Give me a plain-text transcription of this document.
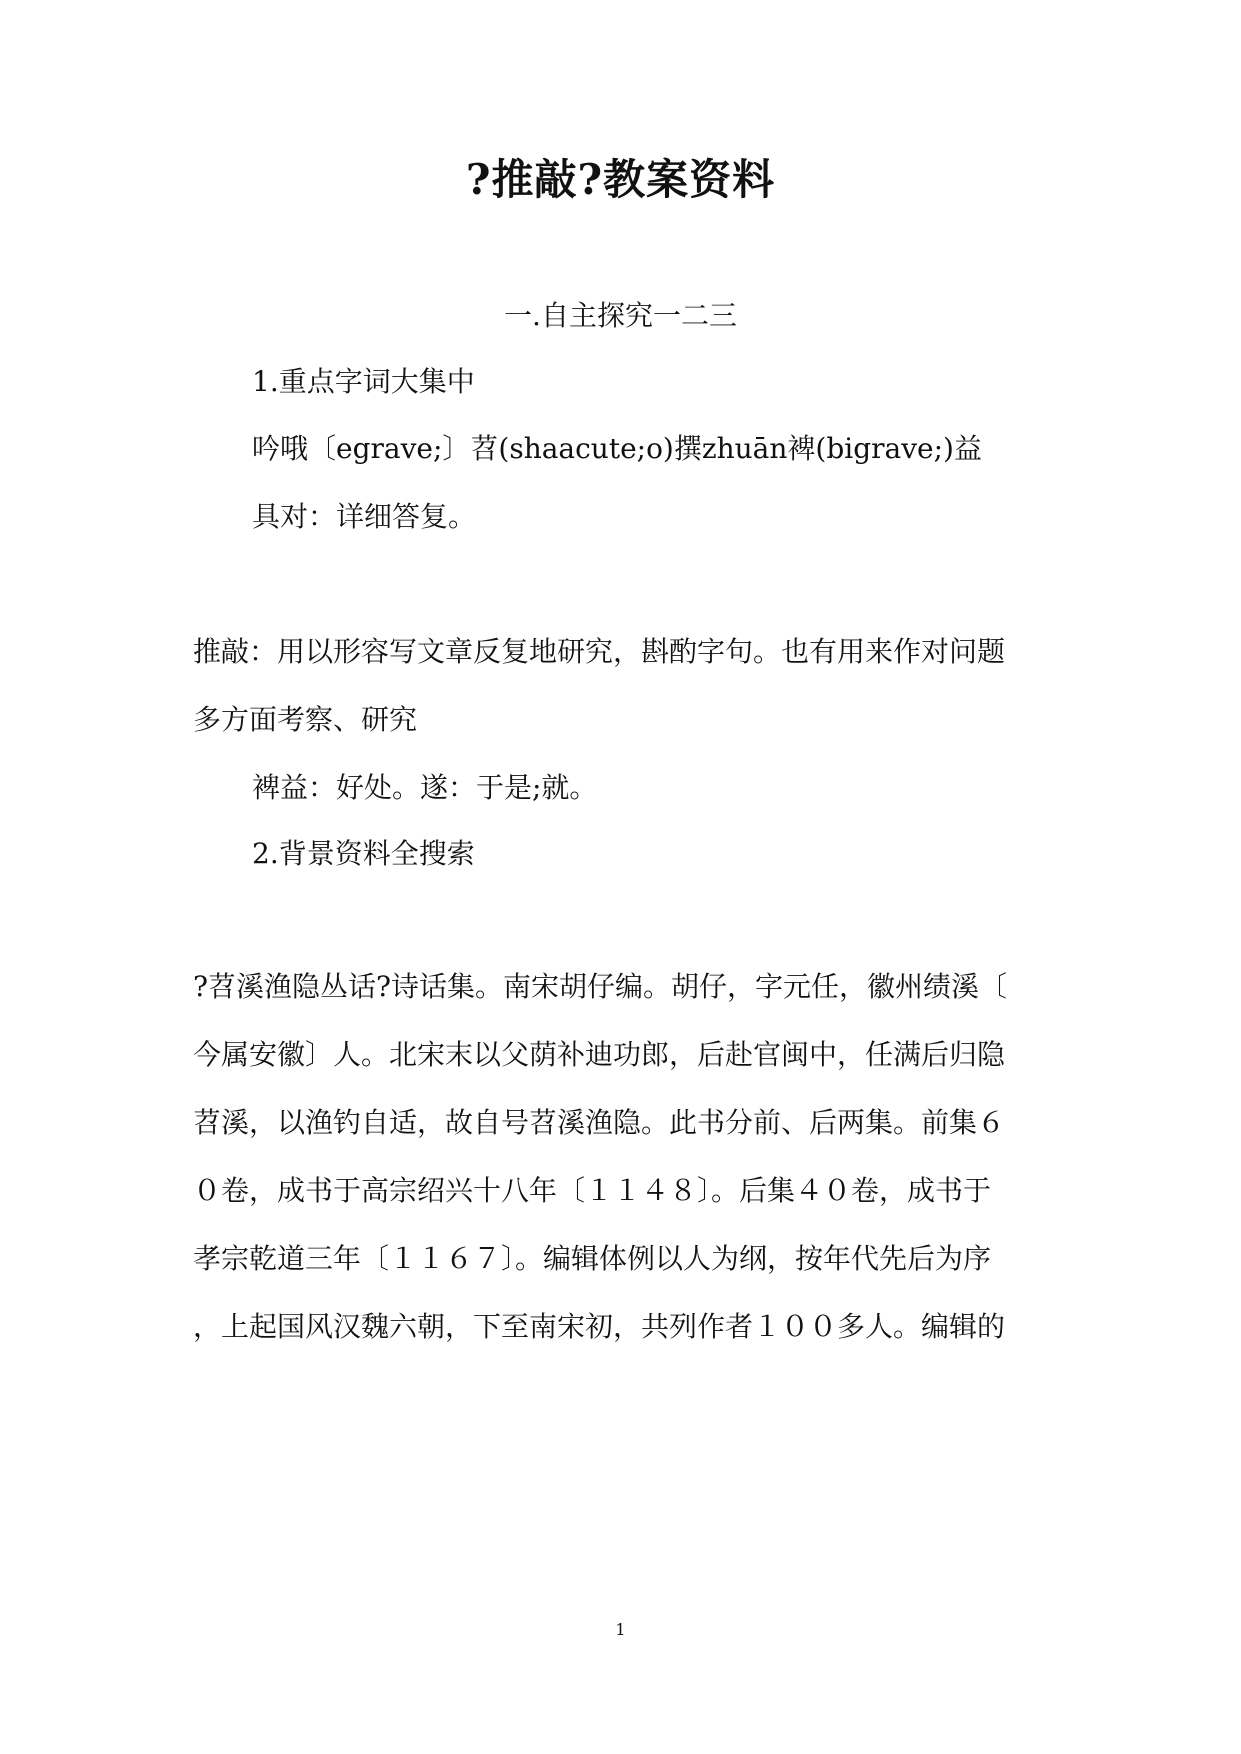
?推敲?教案资料
一.自主探究一二三
1.重点字词大集中
吟哦〔egrave;〕苕(shaacute;o)撰zhuān裨(bigrave;)益
具对：详细答复。
推敲：用以形容写文章反复地研究，斟酌字句。也有用来作对问题
多方面考察、研究
裨益：好处。遂：于是;就。
2.背景资料全搜索
?苕溪渔隐丛话?诗话集。南宋胡仔编。胡仔，字元任，徽州绩溪〔
今属安徽〕人。北宋末以父荫补迪功郎，后赴官闽中，任满后归隐
苕溪，以渔钓自适，故自号苕溪渔隐。此书分前、后两集。前集６
０卷，成书于高宗绍兴十八年〔１１４８〕。后集４０卷，成书于
孝宗乾道三年〔１１６７〕。编辑体例以人为纲，按年代先后为序
，上起国风汉魏六朝，下至南宋初，共列作者１００多人。编辑的
1
